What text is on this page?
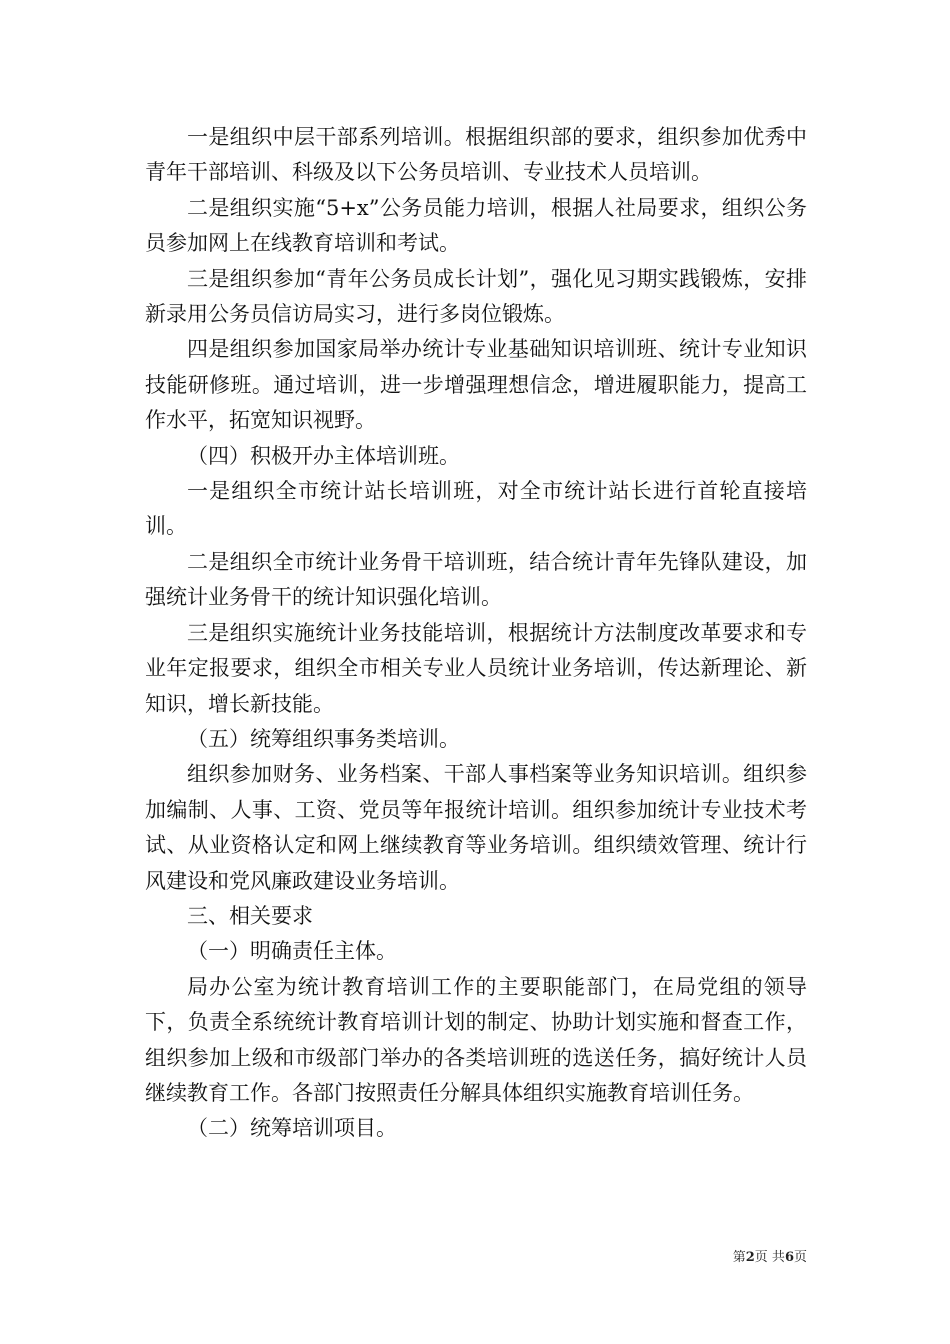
一是组织中层干部系列培训。根据组织部的要求，组织参加优秀中青年干部培训、科级及以下公务员培训、专业技术人员培训。

二是组织实施“5+x”公务员能力培训，根据人社局要求，组织公务员参加网上在线教育培训和考试。

三是组织参加“青年公务员成长计划”，强化见习期实践锻炼，安排新录用公务员信访局实习，进行多岗位锻炼。

四是组织参加国家局举办统计专业基础知识培训班、统计专业知识技能研修班。通过培训，进一步增强理想信念，增进履职能力，提高工作水平，拓宽知识视野。

（四）积极开办主体培训班。

一是组织全市统计站长培训班，对全市统计站长进行首轮直接培训。

二是组织全市统计业务骨干培训班，结合统计青年先锋队建设，加强统计业务骨干的统计知识强化培训。

三是组织实施统计业务技能培训，根据统计方法制度改革要求和专业年定报要求，组织全市相关专业人员统计业务培训，传达新理论、新知识，增长新技能。

（五）统筹组织事务类培训。

组织参加财务、业务档案、干部人事档案等业务知识培训。组织参加编制、人事、工资、党员等年报统计培训。组织参加统计专业技术考试、从业资格认定和网上继续教育等业务培训。组织绩效管理、统计行风建设和党风廉政建设业务培训。

三、相关要求

（一）明确责任主体。

局办公室为统计教育培训工作的主要职能部门，在局党组的领导下，负责全系统统计教育培训计划的制定、协助计划实施和督查工作，组织参加上级和市级部门举办的各类培训班的选送任务，搞好统计人员继续教育工作。各部门按照责任分解具体组织实施教育培训任务。

（二）统筹培训项目。

第2页 共6页
